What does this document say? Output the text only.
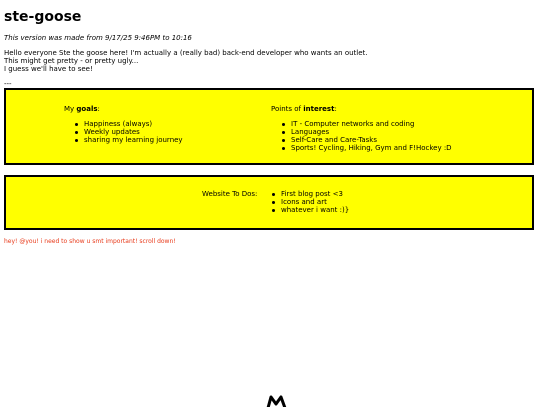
ste-goose
This version was made from 9/17/25 9:46PM to 10:16
Hello everyone Ste the goose here! I'm actually a (really bad) back-end developer who wants an outlet.
This might get pretty - or pretty ugly...
I guess we'll have to see!
---
My goals:
Happiness (always)
Weekly updates
sharing my learning journey
Points of interest:
IT - Computer networks and coding
Languages
Self-Care and Care-Tasks
Sports! Cycling, Hiking, Gym and F!Hockey :D
Website To Dos:	First blog post <3
Icons and art
whatever i want :)}
hey! @you! i need to show u smt important! scroll down!
